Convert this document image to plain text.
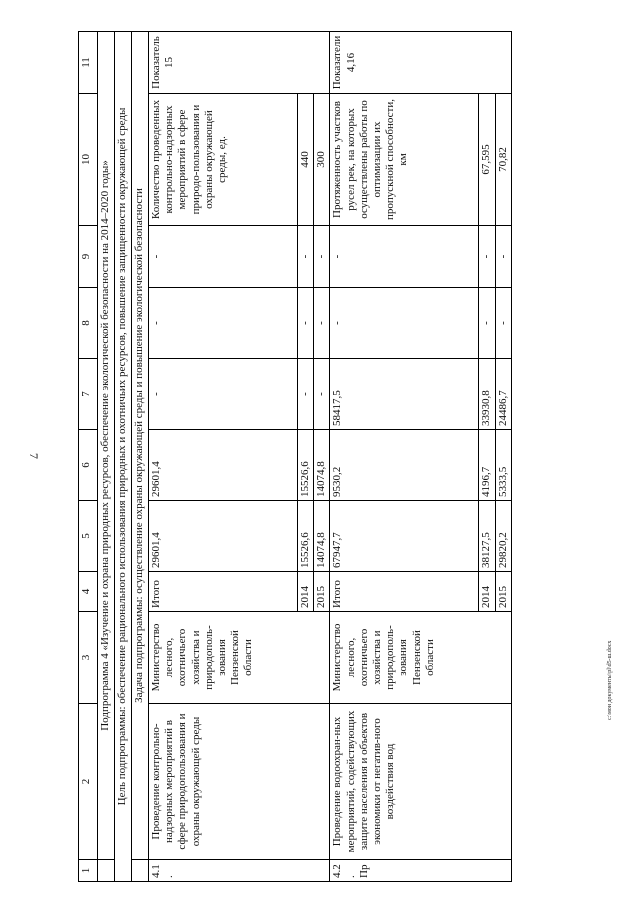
7
1	2	3	4	5	6	7	8	9	10	11
	Подпрограмма 4 «Изучение и охрана природных ресурсов, обеспечение экологической безопасности на 2014–2020 годы»									
Цель подпрограммы: обеспечение рационального использования природных и охотничьих ресурсов, повышение защищенности окружающей среды										
	Задача подпрограммы: осуществление охраны окружающей среды и повышение экологической безопасности									
4.1.	Проведение контрольно-надзорных мероприятий в сфере природопользования и охраны окружающей среды	Министерство лесного, охотничьего хозяйства и природополь-зования Пензенской области	Итого	29601,4	29601,4	-	-	-	Количество проведенных контрольно-надзорных мероприятий в сфере природо-пользования и охраны окружающей среды, ед.	Показатель 15
			2014	15526,6	15526,6	-	-	-	440	
			2015	14074,8	14074,8	-	-	-	300	
4.2. Пр	Проведение водоохран-ных мероприятий, содействующих защите населения и объектов экономики от негатив-ного воздействия вод	Министерство лесного, охотничьего хозяйства и природополь-зования Пензенской области	Итого	67947,7	9530,2	58417,5	-	-	Протяженность участков русел рек, на которых осуществлены работы по оптимизации их пропускной способности, км	Показатели 4,16
			2014	38127,5	4196,7	33930,8	-	-	67,595	
			2015	29820,2	5333,5	24486,7	-	-	70,82	
c:\мои документы\pl\d5-ш.docx
